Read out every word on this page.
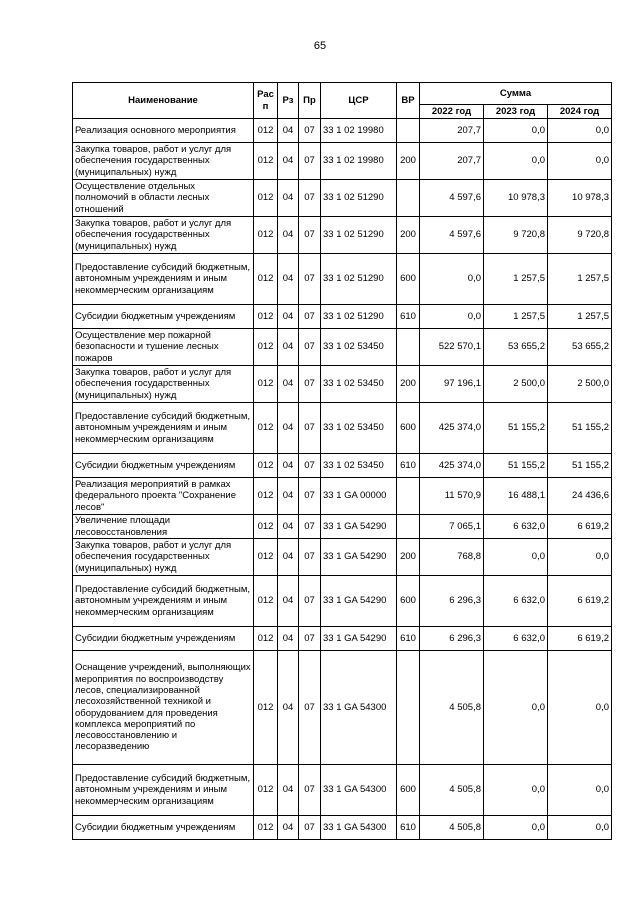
65
Наименование	Рас п	Рз	Пр	ЦСР	ВР	Сумма		
						2022 год	2023 год	2024 год
Реализация основного мероприятия	012	04	07	33 1 02 19980		207,7	0,0	0,0
Закупка товаров, работ и услуг для обеспечения государственных (муниципальных) нужд	012	04	07	33 1 02 19980	200	207,7	0,0	0,0
Осуществление отдельных полномочий в области лесных отношений	012	04	07	33 1 02 51290		4 597,6	10 978,3	10 978,3
Закупка товаров, работ и услуг для обеспечения государственных (муниципальных) нужд	012	04	07	33 1 02 51290	200	4 597,6	9 720,8	9 720,8
Предоставление субсидий бюджетным, автономным учреждениям и иным некоммерческим организациям	012	04	07	33 1 02 51290	600	0,0	1 257,5	1 257,5
Субсидии бюджетным учреждениям	012	04	07	33 1 02 51290	610	0,0	1 257,5	1 257,5
Осуществление мер пожарной безопасности и тушение лесных пожаров	012	04	07	33 1 02 53450		522 570,1	53 655,2	53 655,2
Закупка товаров, работ и услуг для обеспечения государственных (муниципальных) нужд	012	04	07	33 1 02 53450	200	97 196,1	2 500,0	2 500,0
Предоставление субсидий бюджетным, автономным учреждениям и иным некоммерческим организациям	012	04	07	33 1 02 53450	600	425 374,0	51 155,2	51 155,2
Субсидии бюджетным учреждениям	012	04	07	33 1 02 53450	610	425 374,0	51 155,2	51 155,2
Реализация мероприятий в рамках федерального проекта "Сохранение лесов"	012	04	07	33 1 GA 00000		11 570,9	16 488,1	24 436,6
Увеличение площади лесовосстановления	012	04	07	33 1 GA 54290		7 065,1	6 632,0	6 619,2
Закупка товаров, работ и услуг для обеспечения государственных (муниципальных) нужд	012	04	07	33 1 GA 54290	200	768,8	0,0	0,0
Предоставление субсидий бюджетным, автономным учреждениям и иным некоммерческим организациям	012	04	07	33 1 GA 54290	600	6 296,3	6 632,0	6 619,2
Субсидии бюджетным учреждениям	012	04	07	33 1 GA 54290	610	6 296,3	6 632,0	6 619,2
Оснащение учреждений, выполняющих мероприятия по воспроизводству лесов, специализированной лесохозяйственной техникой и оборудованием для проведения комплекса мероприятий по лесовосстановлению и лесоразведению	012	04	07	33 1 GA 54300		4 505,8	0,0	0,0
Предоставление субсидий бюджетным, автономным учреждениям и иным некоммерческим организациям	012	04	07	33 1 GA 54300	600	4 505,8	0,0	0,0
Субсидии бюджетным учреждениям	012	04	07	33 1 GA 54300	610	4 505,8	0,0	0,0
